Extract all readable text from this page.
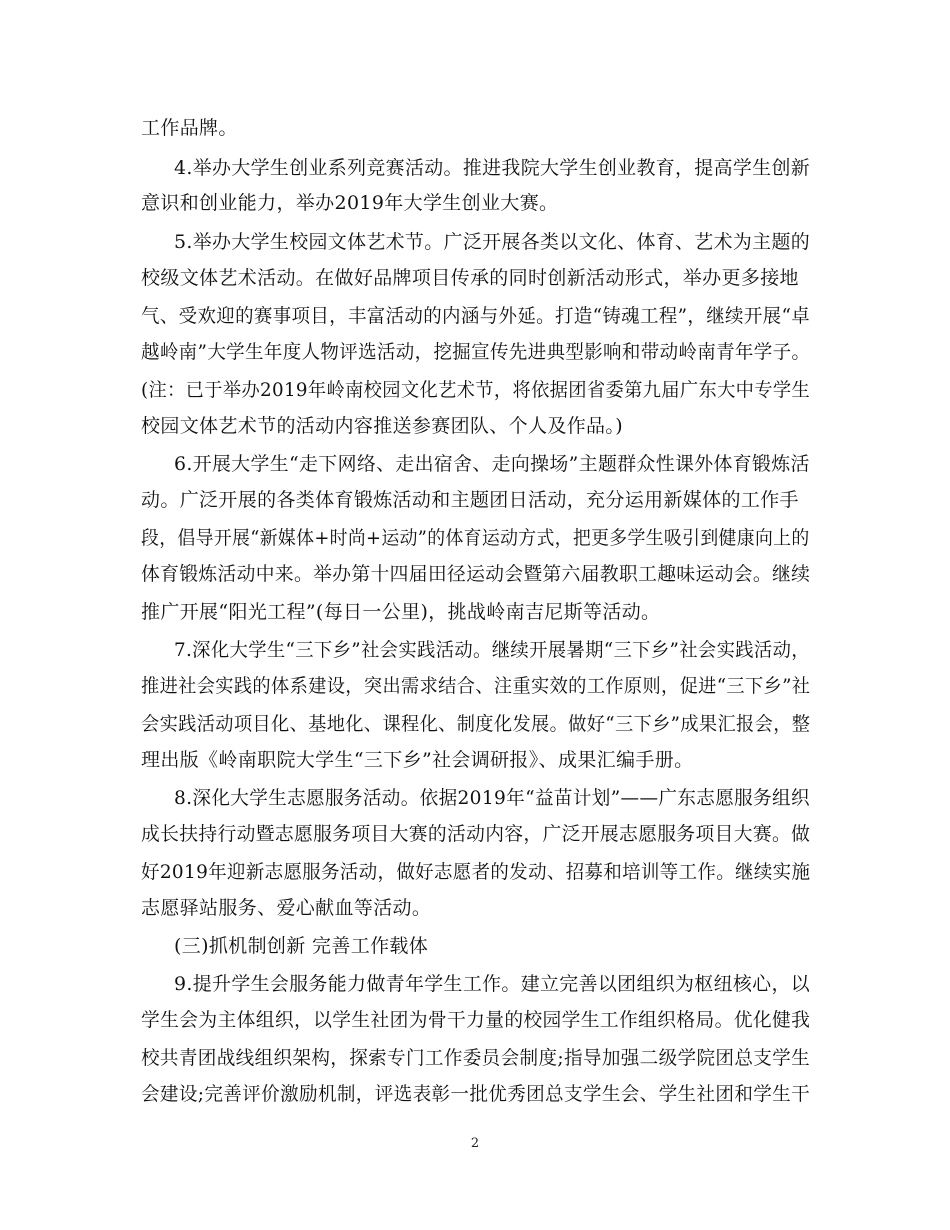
工作品牌。
4.举办大学生创业系列竞赛活动。推进我院大学生创业教育，提高学生创新
意识和创业能力，举办2019年大学生创业大赛。
5.举办大学生校园文体艺术节。广泛开展各类以文化、体育、艺术为主题的
校级文体艺术活动。在做好品牌项目传承的同时创新活动形式，举办更多接地
气、受欢迎的赛事项目，丰富活动的内涵与外延。打造“铸魂工程”，继续开展“卓
越岭南”大学生年度人物评选活动，挖掘宣传先进典型影响和带动岭南青年学子。
(注：已于举办2019年岭南校园文化艺术节，将依据团省委第九届广东大中专学生
校园文体艺术节的活动内容推送参赛团队、个人及作品。)
6.开展大学生“走下网络、走出宿舍、走向操场”主题群众性课外体育锻炼活
动。广泛开展的各类体育锻炼活动和主题团日活动，充分运用新媒体的工作手
段，倡导开展“新媒体+时尚+运动”的体育运动方式，把更多学生吸引到健康向上的
体育锻炼活动中来。举办第十四届田径运动会暨第六届教职工趣味运动会。继续
推广开展“阳光工程”(每日一公里)，挑战岭南吉尼斯等活动。
7.深化大学生“三下乡”社会实践活动。继续开展暑期“三下乡”社会实践活动，
推进社会实践的体系建设，突出需求结合、注重实效的工作原则，促进“三下乡”社
会实践活动项目化、基地化、课程化、制度化发展。做好“三下乡”成果汇报会，整
理出版《岭南职院大学生“三下乡”社会调研报》、成果汇编手册。
8.深化大学生志愿服务活动。依据2019年“益苗计划”——广东志愿服务组织
成长扶持行动暨志愿服务项目大赛的活动内容，广泛开展志愿服务项目大赛。做
好2019年迎新志愿服务活动，做好志愿者的发动、招募和培训等工作。继续实施
志愿驿站服务、爱心献血等活动。
(三)抓机制创新 完善工作载体
9.提升学生会服务能力做青年学生工作。建立完善以团组织为枢纽核心，以
学生会为主体组织，以学生社团为骨干力量的校园学生工作组织格局。优化健我
校共青团战线组织架构，探索专门工作委员会制度;指导加强二级学院团总支学生
会建设;完善评价激励机制，评选表彰一批优秀团总支学生会、学生社团和学生干
2
